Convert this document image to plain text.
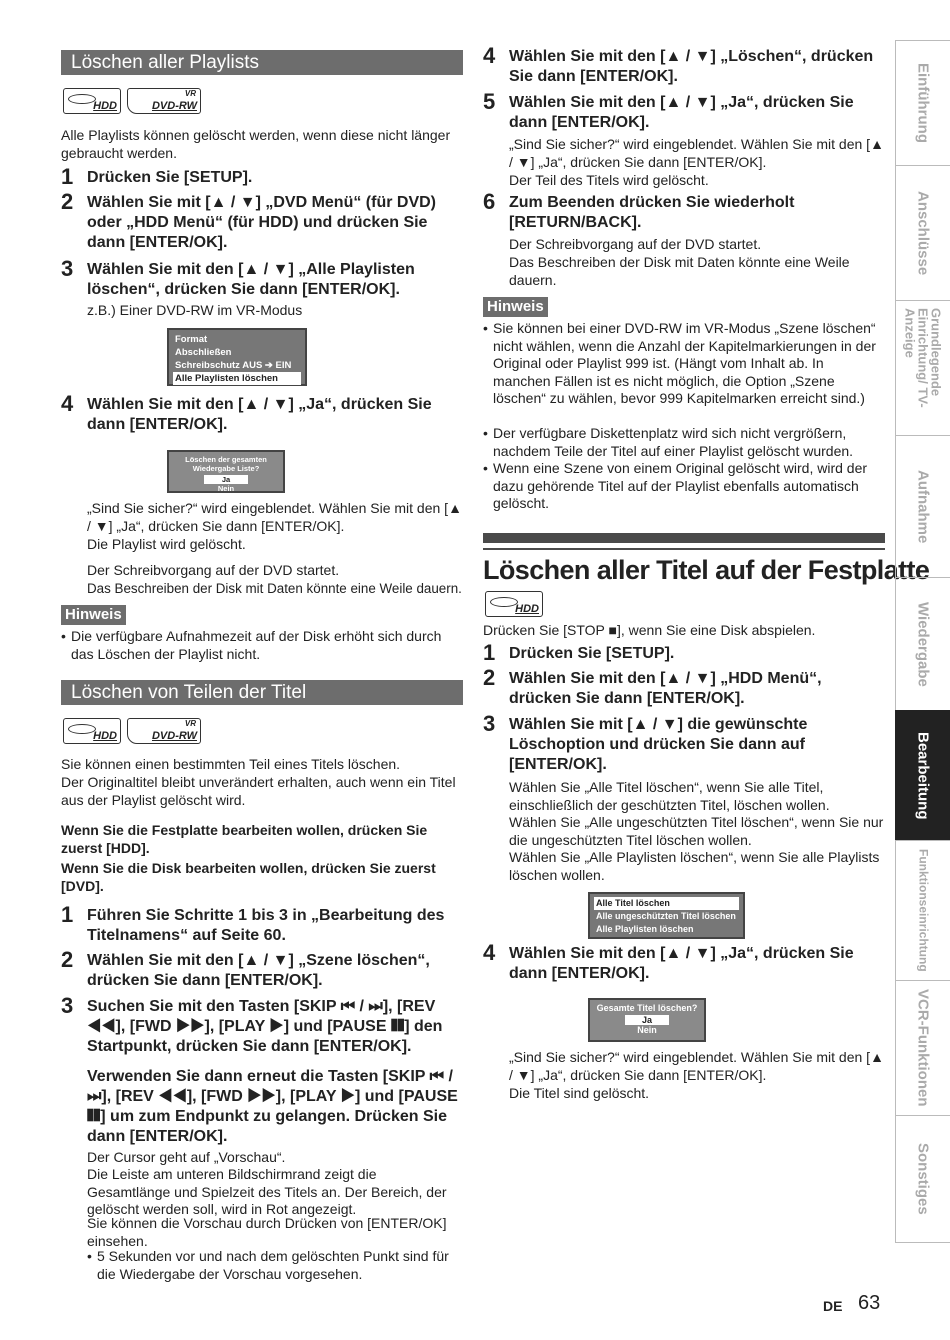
Löschen aller Playlists
HDD
VR
DVD-RW

Alle Playlists können gelöscht werden, wenn diese nicht länger gebraucht werden.

1 Drücken Sie [SETUP].
2 Wählen Sie mit [▲ / ▼] „DVD Menü“ (für DVD) oder „HDD Menü“ (für HDD) und drücken Sie dann [ENTER/OK].
3 Wählen Sie mit den [▲ / ▼] „Alle Playlisten löschen“, drücken Sie dann [ENTER/OK].

z.B.) Einer DVD-RW im VR-Modus

Format
Abschließen
Schreibschutz AUS ➔ EIN
Alle Playlisten löschen
4 Wählen Sie mit den [▲ / ▼] „Ja“, drücken Sie dann [ENTER/OK].
Löschen der gesamten Wiedergabe Liste?
Ja
Nein

„Sind Sie sicher?“ wird eingeblendet. Wählen Sie mit den [▲ / ▼] „Ja“, drücken Sie dann [ENTER/OK].

Die Playlist wird gelöscht.

Der Schreibvorgang auf der DVD startet.

Das Beschreiben der Disk mit Daten könnte eine Weile dauern.

Hinweis
• Die verfügbare Aufnahmezeit auf der Disk erhöht sich durch das Löschen der Playlist nicht.
Löschen von Teilen der Titel
HDD
VR
DVD-RW

Sie können einen bestimmten Teil eines Titels löschen.

Der Originaltitel bleibt unverändert erhalten, auch wenn ein Titel aus der Playlist gelöscht wird.

Wenn Sie die Festplatte bearbeiten wollen, drücken Sie zuerst [HDD].

Wenn Sie die Disk bearbeiten wollen, drücken Sie zuerst [DVD].

1 Führen Sie Schritte 1 bis 3 in „Bearbeitung des Titelnamens“ auf Seite 60.
2 Wählen Sie mit den [▲ / ▼] „Szene löschen“, drücken Sie dann [ENTER/OK].
3 Suchen Sie mit den Tasten [SKIP ⏮ / ⏭], [REV ◀◀], [FWD ▶▶], [PLAY ▶] und [PAUSE ❚❚] den Startpunkt, drücken Sie dann [ENTER/OK].
Verwenden Sie dann erneut die Tasten [SKIP ⏮ / ⏭], [REV ◀◀], [FWD ▶▶], [PLAY ▶] und [PAUSE ❚❚] um zum Endpunkt zu gelangen. Drücken Sie dann [ENTER/OK].

Der Cursor geht auf „Vorschau“.

Die Leiste am unteren Bildschirmrand zeigt die Gesamtlänge und Spielzeit des Titels an. Der Bereich, der gelöscht werden soll, wird in Rot angezeigt.

Sie können die Vorschau durch Drücken von [ENTER/OK] einsehen.

• 5 Sekunden vor und nach dem gelöschten Punkt sind für die Wiedergabe der Vorschau vorgesehen.
4 Wählen Sie mit den [▲ / ▼] „Löschen“, drücken Sie dann [ENTER/OK].
5 Wählen Sie mit den [▲ / ▼] „Ja“, drücken Sie dann [ENTER/OK].

„Sind Sie sicher?“ wird eingeblendet. Wählen Sie mit den [▲ / ▼] „Ja“, drücken Sie dann [ENTER/OK].

Der Teil des Titels wird gelöscht.

6 Zum Beenden drücken Sie wiederholt [RETURN/BACK].

Der Schreibvorgang auf der DVD startet.

Das Beschreiben der Disk mit Daten könnte eine Weile dauern.

Hinweis
• Sie können bei einer DVD-RW im VR-Modus „Szene löschen“ nicht wählen, wenn die Anzahl der Kapitelmarkierungen in der Original oder Playlist 999 ist. (Hängt vom Inhalt ab. In manchen Fällen ist es nicht möglich, die Option „Szene löschen“ zu wählen, bevor 999 Kapitelmarken erreicht sind.)
• Der verfügbare Diskettenplatz wird sich nicht vergrößern, nachdem Teile der Titel auf einer Playlist gelöscht wurden.
• Wenn eine Szene von einem Original gelöscht wird, wird der dazu gehörende Titel auf der Playlist ebenfalls automatisch gelöscht.
Löschen aller Titel auf der Festplatte
HDD

Drücken Sie [STOP ■], wenn Sie eine Disk abspielen.

1 Drücken Sie [SETUP].
2 Wählen Sie mit den [▲ / ▼] „HDD Menü“, drücken Sie dann [ENTER/OK].
3 Wählen Sie mit [▲ / ▼] die gewünschte Löschoption und drücken Sie dann auf [ENTER/OK].

Wählen Sie „Alle Titel löschen“, wenn Sie alle Titel, einschließlich der geschützten Titel, löschen wollen.

Wählen Sie „Alle ungeschützten Titel löschen“, wenn Sie nur die ungeschützten Titel löschen wollen.

Wählen Sie „Alle Playlisten löschen“, wenn Sie alle Playlists löschen wollen.

Alle Titel löschen
Alle ungeschützten Titel löschen
Alle Playlisten löschen
4 Wählen Sie mit den [▲ / ▼] „Ja“, drücken Sie dann [ENTER/OK].
Gesamte Titel löschen?
Ja
Nein

„Sind Sie sicher?“ wird eingeblendet. Wählen Sie mit den [▲ / ▼] „Ja“, drücken Sie dann [ENTER/OK].

Die Titel sind gelöscht.

Einführung
Anschlüsse
Grundlegende Einrichtung/ TV-Anzeige
Aufnahme
Wiedergabe
Bearbeitung
Funktionseinrichtung
VCR-Funktionen
Sonstiges
DE 63
